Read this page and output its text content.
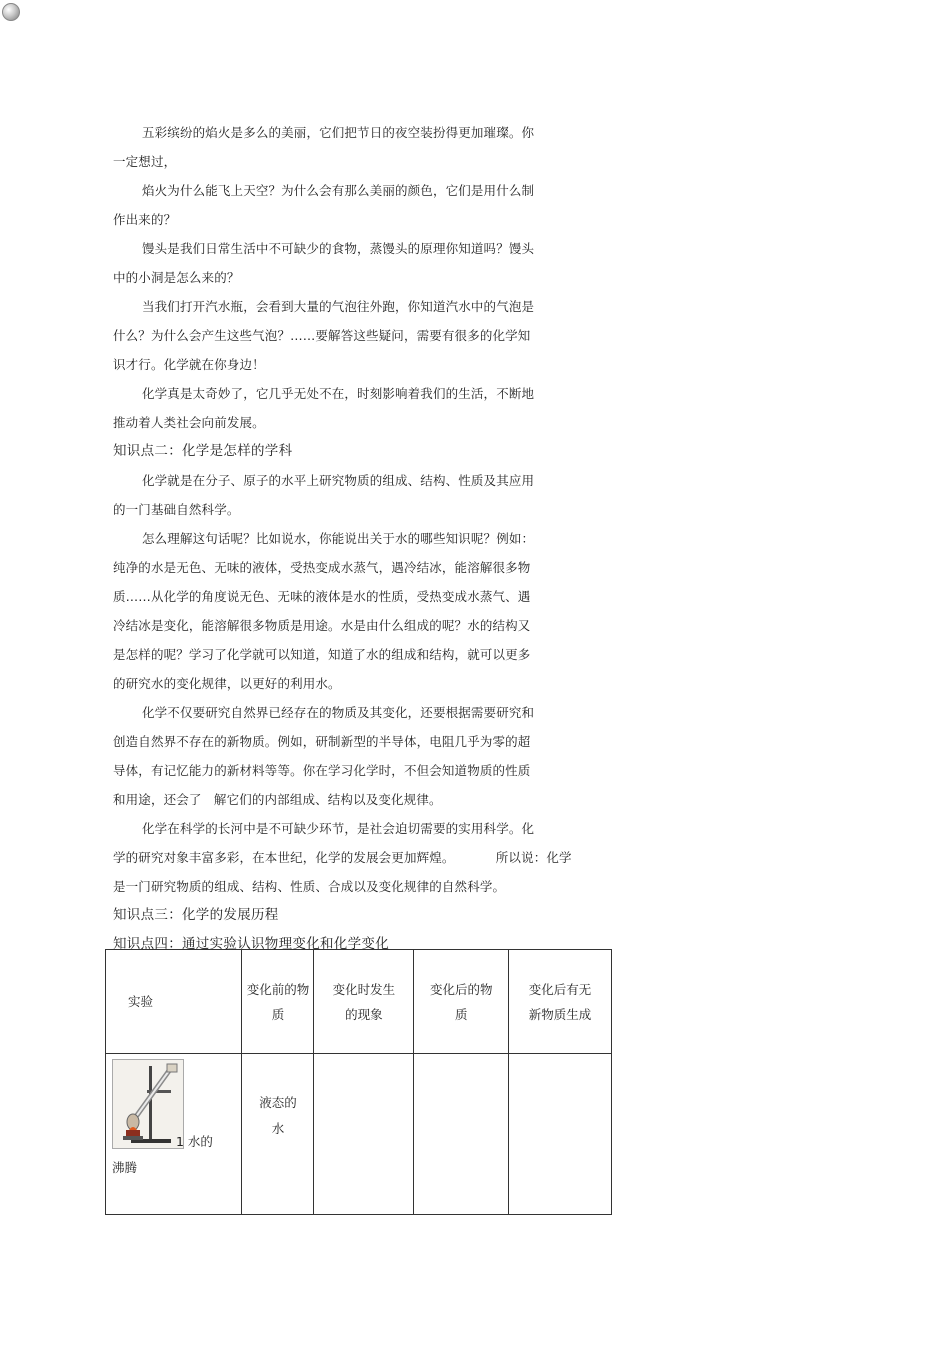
五彩缤纷的焰火是多么的美丽，它们把节日的夜空装扮得更加璀璨。你
一定想过，
焰火为什么能飞上天空？为什么会有那么美丽的颜色，它们是用什么制
作出来的？
馒头是我们日常生活中不可缺少的食物，蒸馒头的原理你知道吗？馒头
中的小洞是怎么来的？
当我们打开汽水瓶，会看到大量的气泡往外跑，你知道汽水中的气泡是
什么？为什么会产生这些气泡？……要解答这些疑问，需要有很多的化学知
识才行。化学就在你身边！
化学真是太奇妙了，它几乎无处不在，时刻影响着我们的生活，不断地
推动着人类社会向前发展。
知识点二：化学是怎样的学科
化学就是在分子、原子的水平上研究物质的组成、结构、性质及其应用
的一门基础自然科学。
怎么理解这句话呢？比如说水，你能说出关于水的哪些知识呢？例如：
纯净的水是无色、无味的液体，受热变成水蒸气，遇冷结冰，能溶解很多物
质……从化学的角度说无色、无味的液体是水的性质，受热变成水蒸气、遇
冷结冰是变化，能溶解很多物质是用途。水是由什么组成的呢？水的结构又
是怎样的呢？学习了化学就可以知道，知道了水的组成和结构，就可以更多
的研究水的变化规律，以更好的利用水。
化学不仅要研究自然界已经存在的物质及其变化，还要根据需要研究和
创造自然界不存在的新物质。例如，研制新型的半导体，电阻几乎为零的超
导体，有记忆能力的新材料等等。你在学习化学时，不但会知道物质的性质
和用途，还会了   解它们的内部组成、结构以及变化规律。
化学在科学的长河中是不可缺少环节，是社会迫切需要的实用科学。化
学的研究对象丰富多彩，在本世纪，化学的发展会更加辉煌。          所以说：化学
是一门研究物质的组成、结构、性质、合成以及变化规律的自然科学。
知识点三：化学的发展历程
知识点四：通过实验认识物理变化和化学变化
实验	变化前的物质	变化时发生的现象	变化后的物质	变化后有无新物质生成

1 水的
沸腾	液态的水			
